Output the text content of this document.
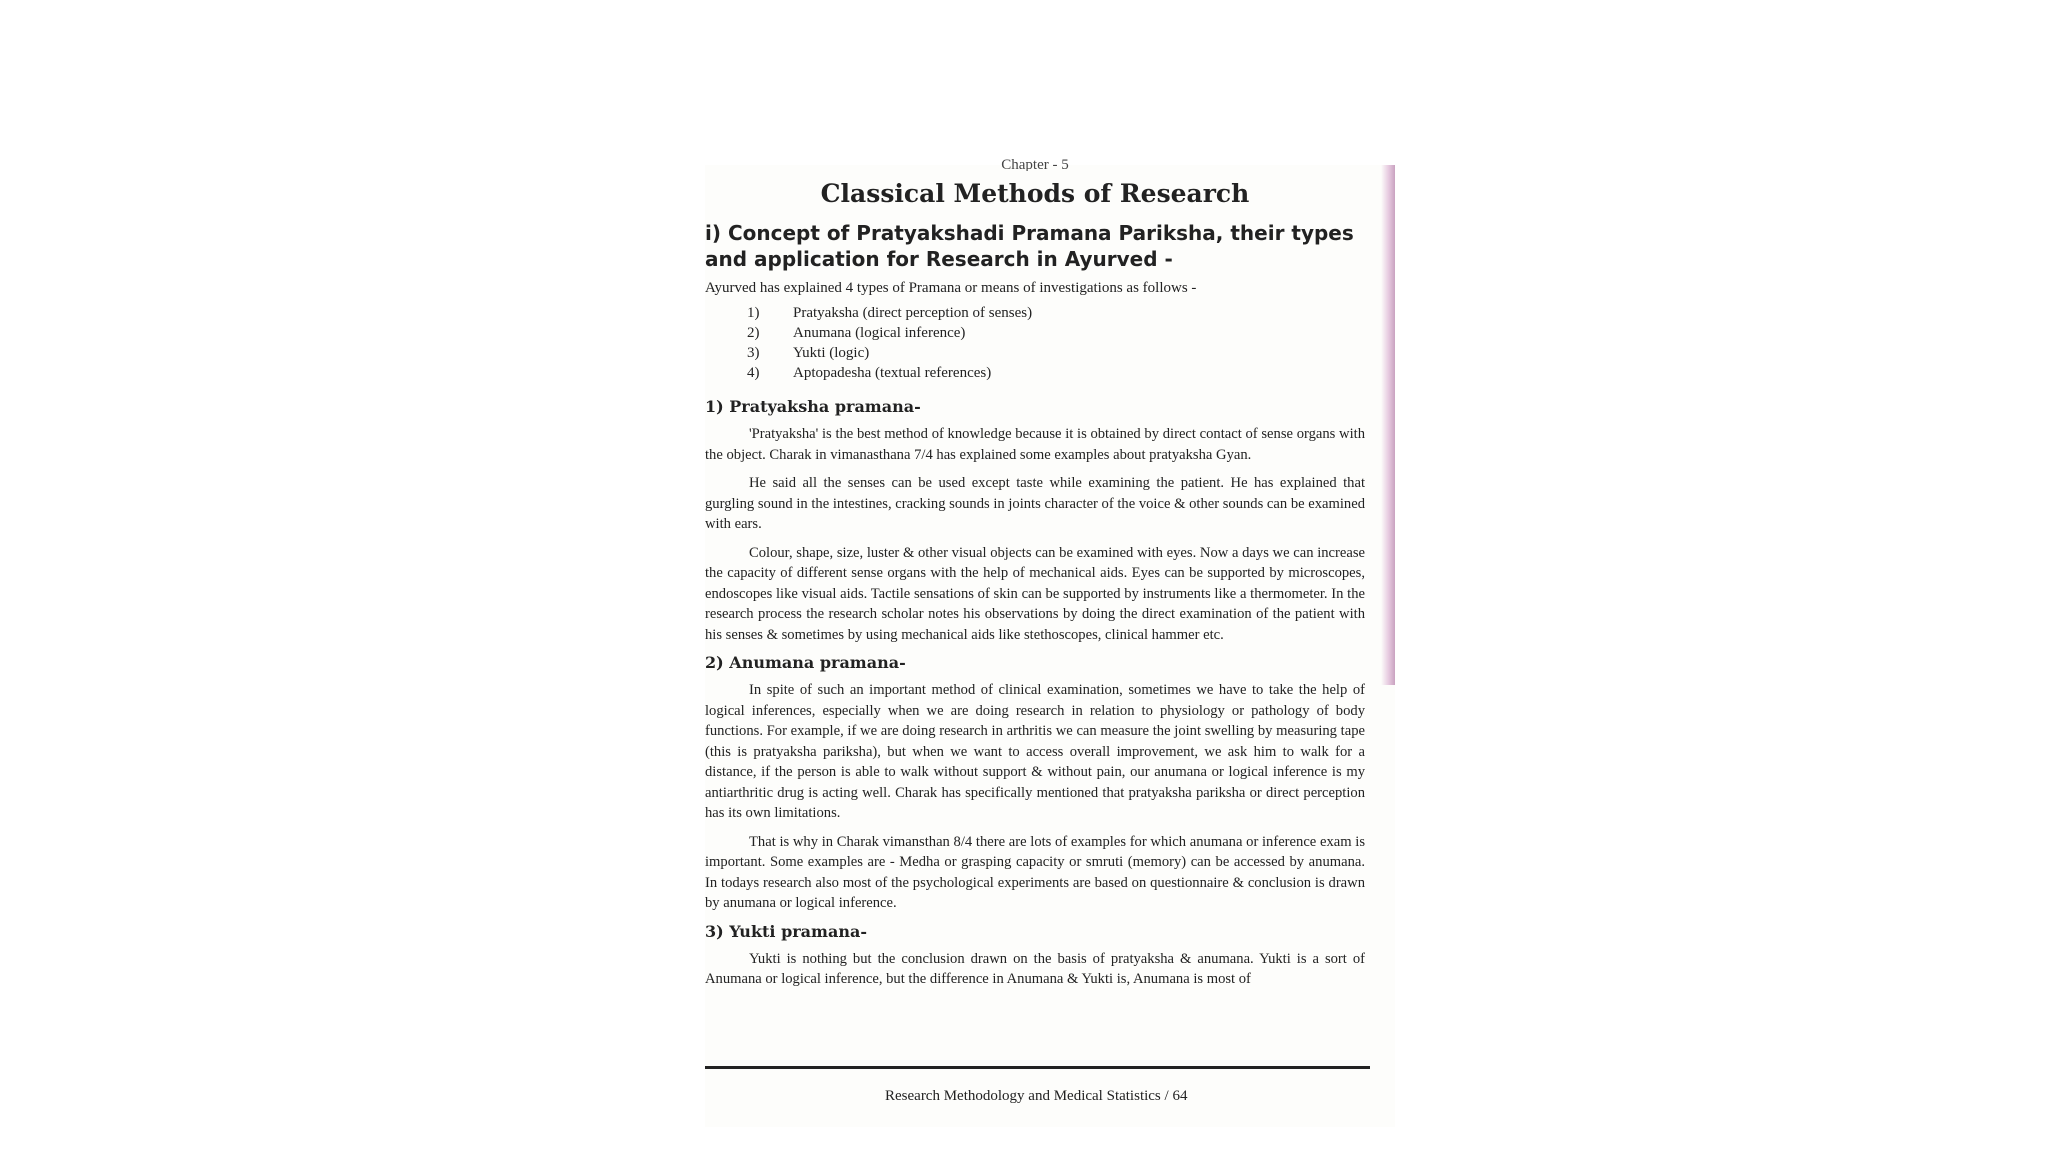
Chapter - 5
Classical Methods of Research
i) Concept of Pratyakshadi Pramana Pariksha, their types and application for Research in Ayurved -

Ayurved has explained 4 types of Pramana or means of investigations as follows -

1)	Pratyaksha (direct perception of senses)
2)	Anumana (logical inference)
3)	Yukti (logic)
4)	Aptopadesha (textual references)
1) Pratyaksha pramana-

'Pratyaksha' is the best method of knowledge because it is obtained by direct contact of sense organs with the object. Charak in vimanasthana 7/4 has explained some examples about pratyaksha Gyan.

He said all the senses can be used except taste while examining the patient. He has explained that gurgling sound in the intestines, cracking sounds in joints character of the voice & other sounds can be examined with ears.

Colour, shape, size, luster & other visual objects can be examined with eyes. Now a days we can increase the capacity of different sense organs with the help of mechanical aids. Eyes can be supported by microscopes, endoscopes like visual aids. Tactile sensations of skin can be supported by instruments like a thermometer. In the research process the research scholar notes his observations by doing the direct examination of the patient with his senses & sometimes by using mechanical aids like stethoscopes, clinical hammer etc.

2) Anumana pramana-

In spite of such an important method of clinical examination, sometimes we have to take the help of logical inferences, especially when we are doing research in relation to physiology or pathology of body functions. For example, if we are doing research in arthritis we can measure the joint swelling by measuring tape (this is pratyaksha pariksha), but when we want to access overall improvement, we ask him to walk for a distance, if the person is able to walk without support & without pain, our anumana or logical inference is my antiarthritic drug is acting well. Charak has specifically mentioned that pratyaksha pariksha or direct perception has its own limitations.

That is why in Charak vimansthan 8/4 there are lots of examples for which anumana or inference exam is important. Some examples are - Medha or grasping capacity or smruti (memory) can be accessed by anumana. In todays research also most of the psychological experiments are based on questionnaire & conclusion is drawn by anumana or logical inference.

3) Yukti pramana-

Yukti is nothing but the conclusion drawn on the basis of pratyaksha & anumana. Yukti is a sort of Anumana or logical inference, but the difference in Anumana & Yukti is, Anumana is most of

Research Methodology and Medical Statistics / 64
